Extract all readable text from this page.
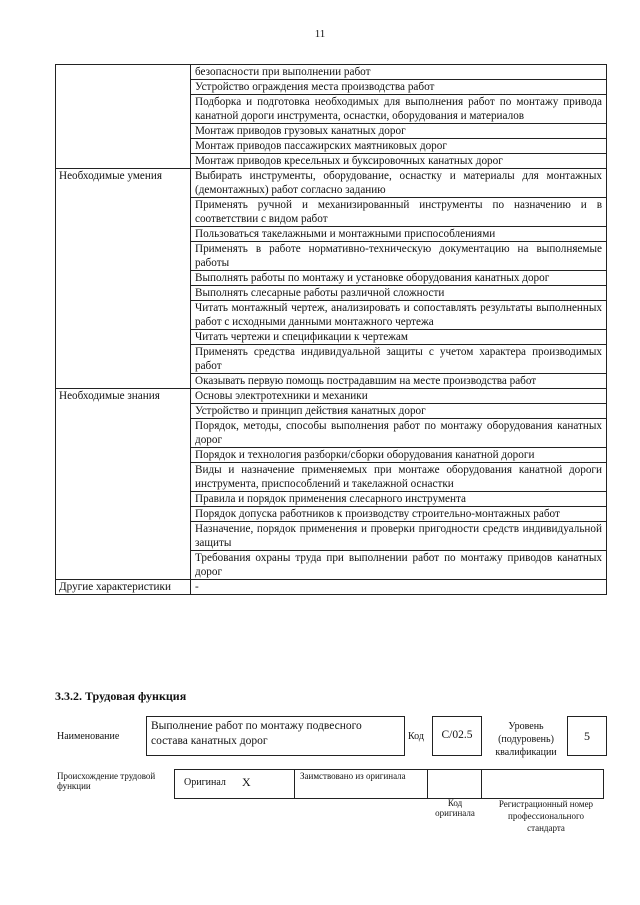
11
	безопасности при выполнении работ
	Устройство ограждения места производства работ
	Подборка и подготовка необходимых для выполнения работ по монтажу привода канатной дороги инструмента, оснастки, оборудования и материалов
	Монтаж приводов грузовых канатных дорог
	Монтаж приводов пассажирских маятниковых дорог
	Монтаж приводов кресельных и буксировочных канатных дорог
Необходимые умения	Выбирать инструменты, оборудование, оснастку и материалы для монтажных (демонтажных) работ согласно заданию
	Применять ручной и механизированный инструменты по назначению и в соответствии с видом работ
	Пользоваться такелажными и монтажными приспособлениями
	Применять в работе нормативно-техническую документацию на выполняемые работы
	Выполнять работы по монтажу и установке оборудования канатных дорог
	Выполнять слесарные работы различной сложности
	Читать монтажный чертеж, анализировать и сопоставлять результаты выполненных работ с исходными данными монтажного чертежа
	Читать чертежи и спецификации к чертежам
	Применять средства индивидуальной защиты с учетом характера производимых работ
	Оказывать первую помощь пострадавшим на месте производства работ
Необходимые знания	Основы электротехники и механики
	Устройство и принцип действия канатных дорог
	Порядок, методы, способы выполнения работ по монтажу оборудования канатных дорог
	Порядок и технология разборки/сборки оборудования канатной дороги
	Виды и назначение применяемых при монтаже оборудования канатной дороги инструмента, приспособлений и такелажной оснастки
	Правила и порядок применения слесарного инструмента
	Порядок допуска работников к производству строительно-монтажных работ
	Назначение, порядок применения и проверки пригодности средств индивидуальной защиты
	Требования охраны труда при выполнении работ по монтажу приводов канатных дорог
Другие характеристики	-
3.3.2. Трудовая функция
Наименование
Выполнение работ по монтажу подвесного состава канатных дорог	Код	C/02.5
Уровень (подуровень) квалификации
5
Происхождение трудовой функции	Оригинал X	Заимствовано из оригинала
Код оригинала
Регистрационный номер профессионального стандарта
